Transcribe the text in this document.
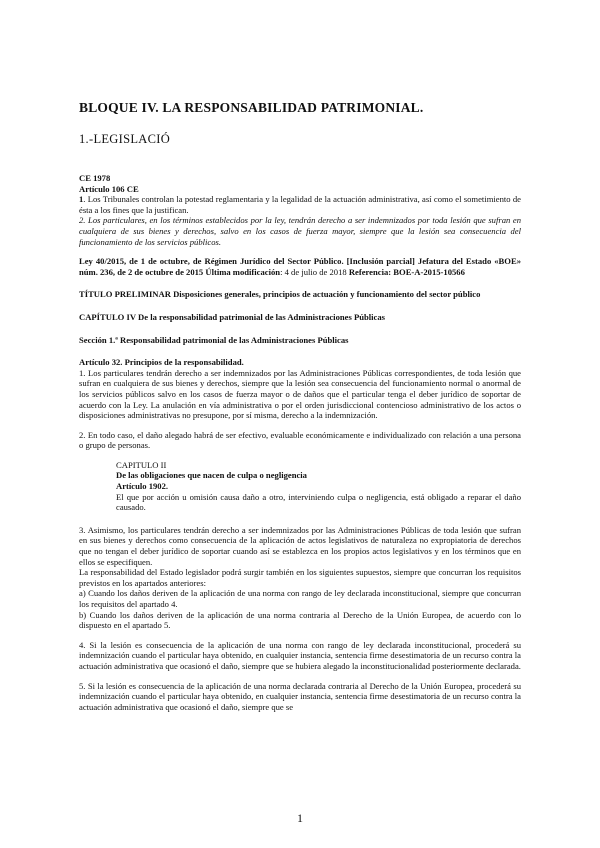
BLOQUE IV. LA RESPONSABILIDAD PATRIMONIAL.

1.-LEGISLACIÓ

CE 1978

Artículo 106 CE

1. Los Tribunales controlan la potestad reglamentaria y la legalidad de la actuación administrativa, así como el sometimiento de ésta a los fines que la justifican.

2. Los particulares, en los términos establecidos por la ley, tendrán derecho a ser indemnizados por toda lesión que sufran en cualquiera de sus bienes y derechos, salvo en los casos de fuerza mayor, siempre que la lesión sea consecuencia del funcionamiento de los servicios públicos.

Ley 40/2015, de 1 de octubre, de Régimen Jurídico del Sector Público. [Inclusión parcial] Jefatura del Estado «BOE» núm. 236, de 2 de octubre de 2015 Última modificación: 4 de julio de 2018 Referencia: BOE-A-2015-10566

TÍTULO PRELIMINAR Disposiciones generales, principios de actuación y funcionamiento del sector público

CAPÍTULO IV De la responsabilidad patrimonial de las Administraciones Públicas

Sección 1.ª Responsabilidad patrimonial de las Administraciones Públicas

Artículo 32. Principios de la responsabilidad.

1. Los particulares tendrán derecho a ser indemnizados por las Administraciones Públicas correspondientes, de toda lesión que sufran en cualquiera de sus bienes y derechos, siempre que la lesión sea consecuencia del funcionamiento normal o anormal de los servicios públicos salvo en los casos de fuerza mayor o de daños que el particular tenga el deber jurídico de soportar de acuerdo con la Ley. La anulación en vía administrativa o por el orden jurisdiccional contencioso administrativo de los actos o disposiciones administrativas no presupone, por sí misma, derecho a la indemnización.

2. En todo caso, el daño alegado habrá de ser efectivo, evaluable económicamente e individualizado con relación a una persona o grupo de personas.

CAPITULO II

De las obligaciones que nacen de culpa o negligencia

Artículo 1902.

El que por acción u omisión causa daño a otro, interviniendo culpa o negligencia, está obligado a reparar el daño causado.

3. Asimismo, los particulares tendrán derecho a ser indemnizados por las Administraciones Públicas de toda lesión que sufran en sus bienes y derechos como consecuencia de la aplicación de actos legislativos de naturaleza no expropiatoria de derechos que no tengan el deber jurídico de soportar cuando así se establezca en los propios actos legislativos y en los términos que en ellos se especifiquen.

La responsabilidad del Estado legislador podrá surgir también en los siguientes supuestos, siempre que concurran los requisitos previstos en los apartados anteriores:

a) Cuando los daños deriven de la aplicación de una norma con rango de ley declarada inconstitucional, siempre que concurran los requisitos del apartado 4.

b) Cuando los daños deriven de la aplicación de una norma contraria al Derecho de la Unión Europea, de acuerdo con lo dispuesto en el apartado 5.

4. Si la lesión es consecuencia de la aplicación de una norma con rango de ley declarada inconstitucional, procederá su indemnización cuando el particular haya obtenido, en cualquier instancia, sentencia firme desestimatoria de un recurso contra la actuación administrativa que ocasionó el daño, siempre que se hubiera alegado la inconstitucionalidad posteriormente declarada.

5. Si la lesión es consecuencia de la aplicación de una norma declarada contraria al Derecho de la Unión Europea, procederá su indemnización cuando el particular haya obtenido, en cualquier instancia, sentencia firme desestimatoria de un recurso contra la actuación administrativa que ocasionó el daño, siempre que se

1
